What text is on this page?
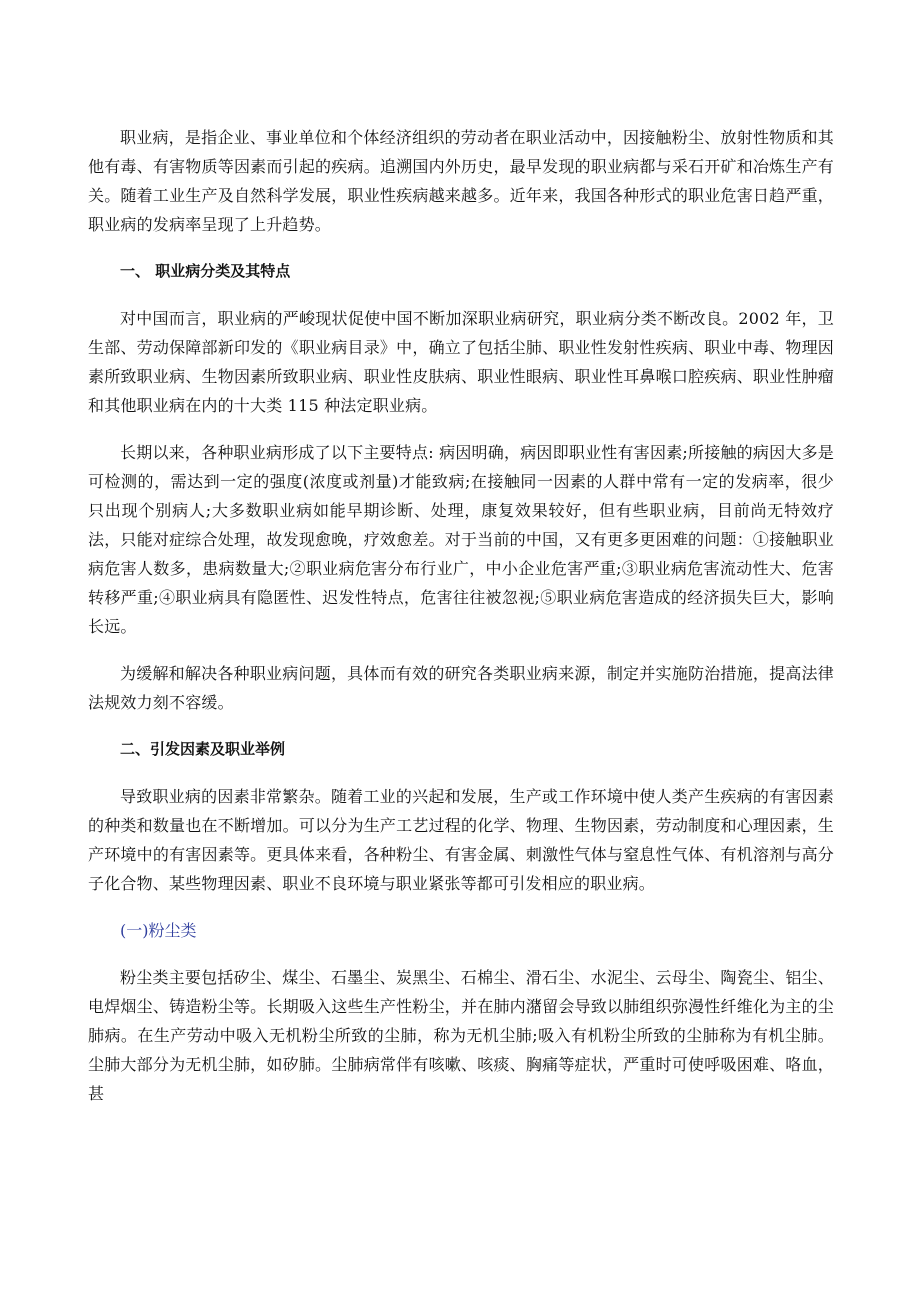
职业病，是指企业、事业单位和个体经济组织的劳动者在职业活动中，因接触粉尘、放射性物质和其他有毒、有害物质等因素而引起的疾病。追溯国内外历史，最早发现的职业病都与采石开矿和冶炼生产有关。随着工业生产及自然科学发展，职业性疾病越来越多。近年来，我国各种形式的职业危害日趋严重，职业病的发病率呈现了上升趋势。

一、 职业病分类及其特点

对中国而言，职业病的严峻现状促使中国不断加深职业病研究，职业病分类不断改良。2002 年，卫生部、劳动保障部新印发的《职业病目录》中，确立了包括尘肺、职业性发射性疾病、职业中毒、物理因素所致职业病、生物因素所致职业病、职业性皮肤病、职业性眼病、职业性耳鼻喉口腔疾病、职业性肿瘤和其他职业病在内的十大类 115 种法定职业病。

长期以来，各种职业病形成了以下主要特点: 病因明确，病因即职业性有害因素;所接触的病因大多是可检测的，需达到一定的强度(浓度或剂量)才能致病;在接触同一因素的人群中常有一定的发病率，很少只出现个别病人;大多数职业病如能早期诊断、处理，康复效果较好，但有些职业病，目前尚无特效疗法，只能对症综合处理，故发现愈晚，疗效愈差。对于当前的中国，又有更多更困难的问题：①接触职业病危害人数多，患病数量大;②职业病危害分布行业广，中小企业危害严重;③职业病危害流动性大、危害转移严重;④职业病具有隐匿性、迟发性特点，危害往往被忽视;⑤职业病危害造成的经济损失巨大，影响长远。

为缓解和解决各种职业病问题，具体而有效的研究各类职业病来源，制定并实施防治措施，提高法律法规效力刻不容缓。

二、引发因素及职业举例

导致职业病的因素非常繁杂。随着工业的兴起和发展，生产或工作环境中使人类产生疾病的有害因素的种类和数量也在不断增加。可以分为生产工艺过程的化学、物理、生物因素，劳动制度和心理因素，生产环境中的有害因素等。更具体来看，各种粉尘、有害金属、刺激性气体与窒息性气体、有机溶剂与高分子化合物、某些物理因素、职业不良环境与职业紧张等都可引发相应的职业病。

(一)粉尘类

粉尘类主要包括矽尘、煤尘、石墨尘、炭黑尘、石棉尘、滑石尘、水泥尘、云母尘、陶瓷尘、铝尘、电焊烟尘、铸造粉尘等。长期吸入这些生产性粉尘，并在肺内潴留会导致以肺组织弥漫性纤维化为主的尘肺病。在生产劳动中吸入无机粉尘所致的尘肺，称为无机尘肺;吸入有机粉尘所致的尘肺称为有机尘肺。尘肺大部分为无机尘肺，如矽肺。尘肺病常伴有咳嗽、咳痰、胸痛等症状，严重时可使呼吸困难、咯血，甚
